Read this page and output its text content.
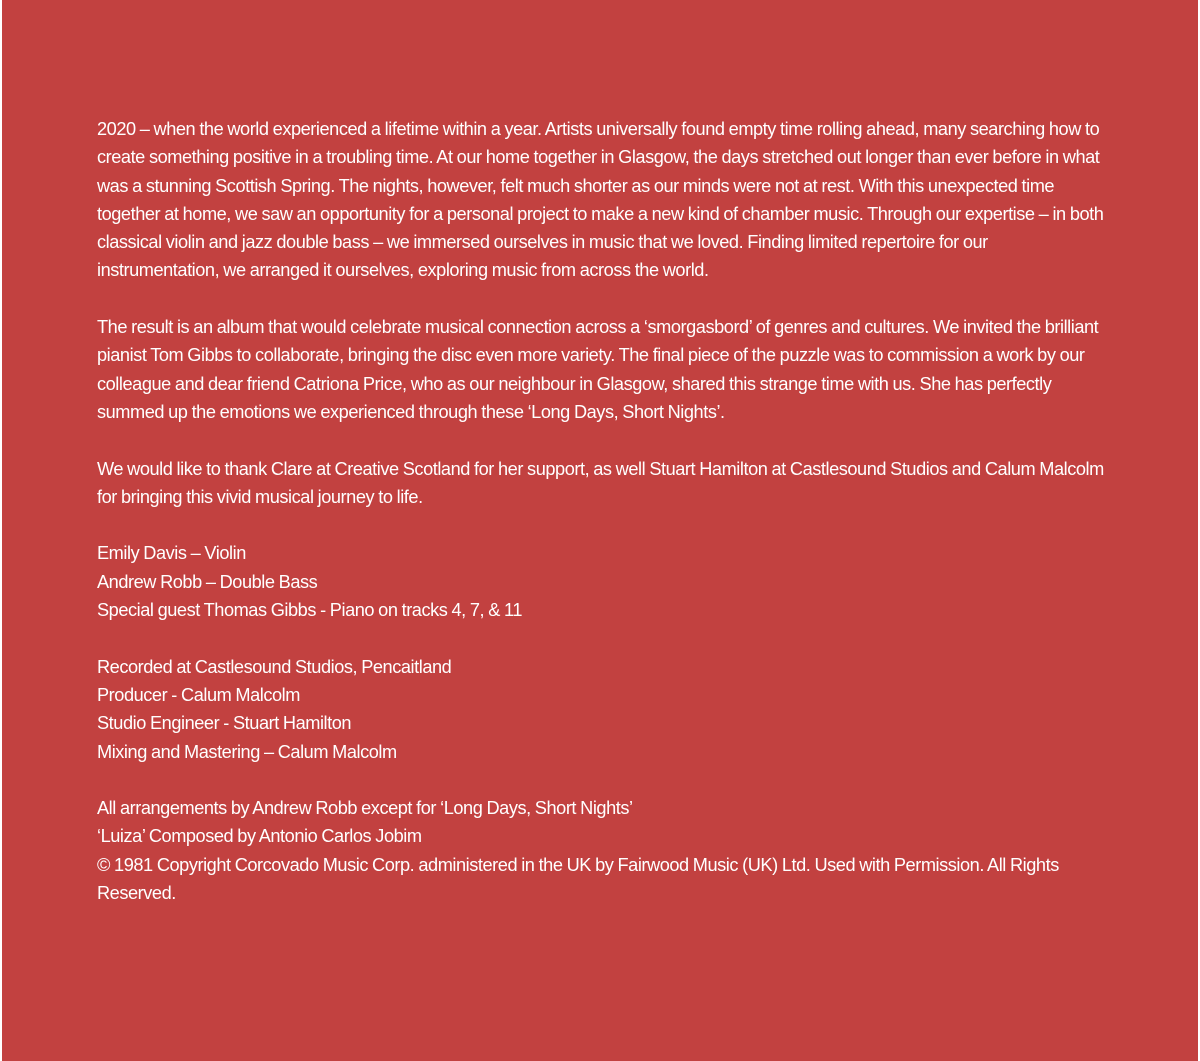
2020 – when the world experienced a lifetime within a year. Artists universally found empty time rolling ahead, many searching how to create something positive in a troubling time. At our home together in Glasgow, the days stretched out longer than ever before in what was a stunning Scottish Spring. The nights, however, felt much shorter as our minds were not at rest. With this unexpected time together at home, we saw an opportunity for a personal project to make a new kind of chamber music. Through our expertise – in both classical violin and jazz double bass – we immersed ourselves in music that we loved. Finding limited repertoire for our instrumentation, we arranged it ourselves, exploring music from across the world.

The result is an album that would celebrate musical connection across a ‘smorgasbord’ of genres and cultures. We invited the brilliant pianist Tom Gibbs to collaborate, bringing the disc even more variety. The final piece of the puzzle was to commission a work by our colleague and dear friend Catriona Price, who as our neighbour in Glasgow, shared this strange time with us. She has perfectly summed up the emotions we experienced through these ‘Long Days, Short Nights’.

We would like to thank Clare at Creative Scotland for her support, as well Stuart Hamilton at Castlesound Studios and Calum Malcolm for bringing this vivid musical journey to life.

Emily Davis – Violin
Andrew Robb – Double Bass
Special guest Thomas Gibbs - Piano on tracks 4, 7, & 11
Recorded at Castlesound Studios, Pencaitland
Producer - Calum Malcolm
Studio Engineer - Stuart Hamilton
Mixing and Mastering – Calum Malcolm
All arrangements by Andrew Robb except for ‘Long Days, Short Nights’
‘Luiza’ Composed by Antonio Carlos Jobim
© 1981 Copyright Corcovado Music Corp. administered in the UK by Fairwood Music (UK) Ltd. Used with Permission. All Rights Reserved.
